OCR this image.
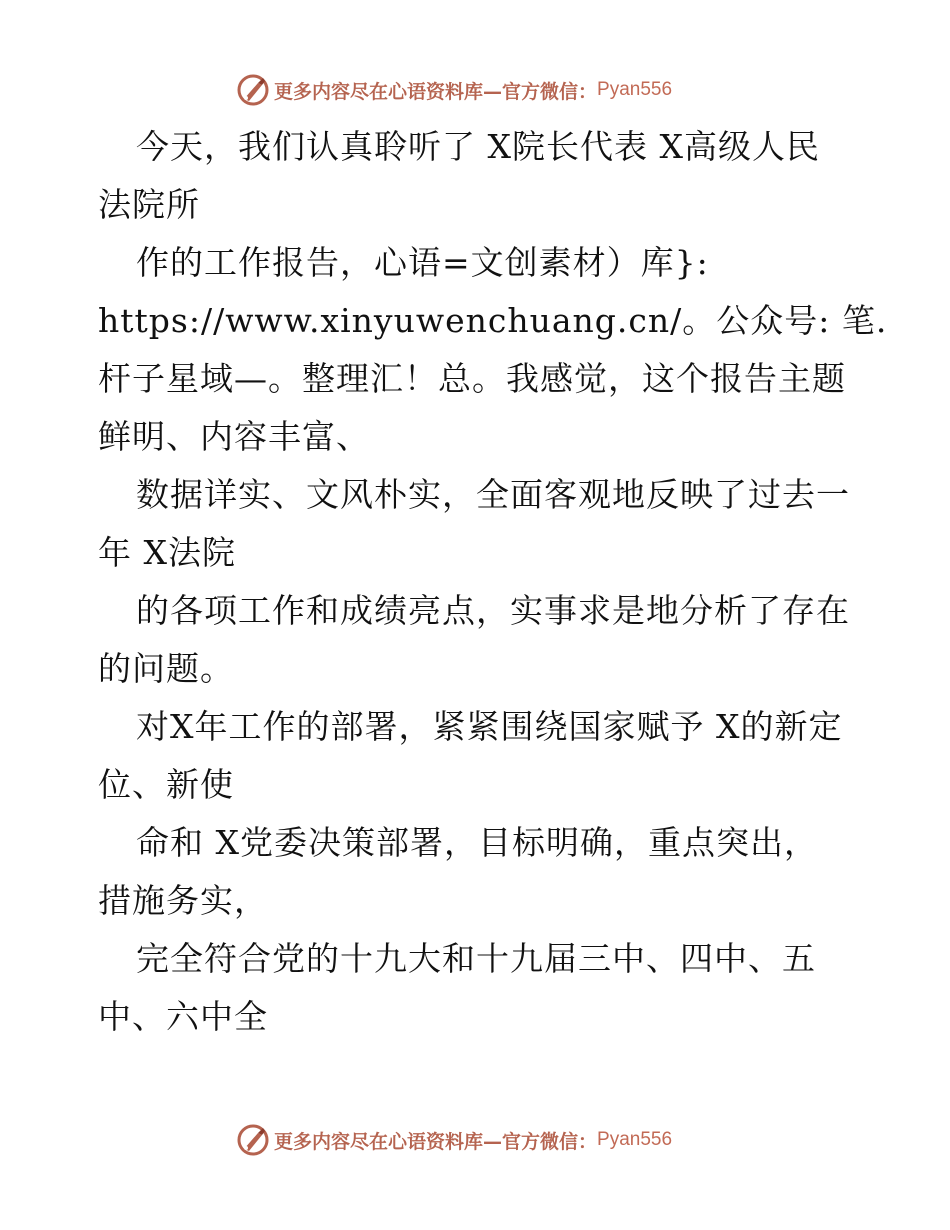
更多内容尽在心语资料库—官方微信： Pyan556
今天，我们认真聆听了 X院长代表 X高级人民
法院所
作的工作报告，心语=文创素材）库}:
https://www.xinyuwenchuang.cn/。公众号: 笔.
杆子星域—。整理汇！总。我感觉，这个报告主题
鲜明、内容丰富、
数据详实、文风朴实，全面客观地反映了过去一
年 X法院
的各项工作和成绩亮点，实事求是地分析了存在
的问题。
对X年工作的部署，紧紧围绕国家赋予 X的新定
位、新使
命和 X党委决策部署，目标明确，重点突出，
措施务实，
完全符合党的十九大和十九届三中、四中、五
中、六中全
更多内容尽在心语资料库—官方微信： Pyan556
